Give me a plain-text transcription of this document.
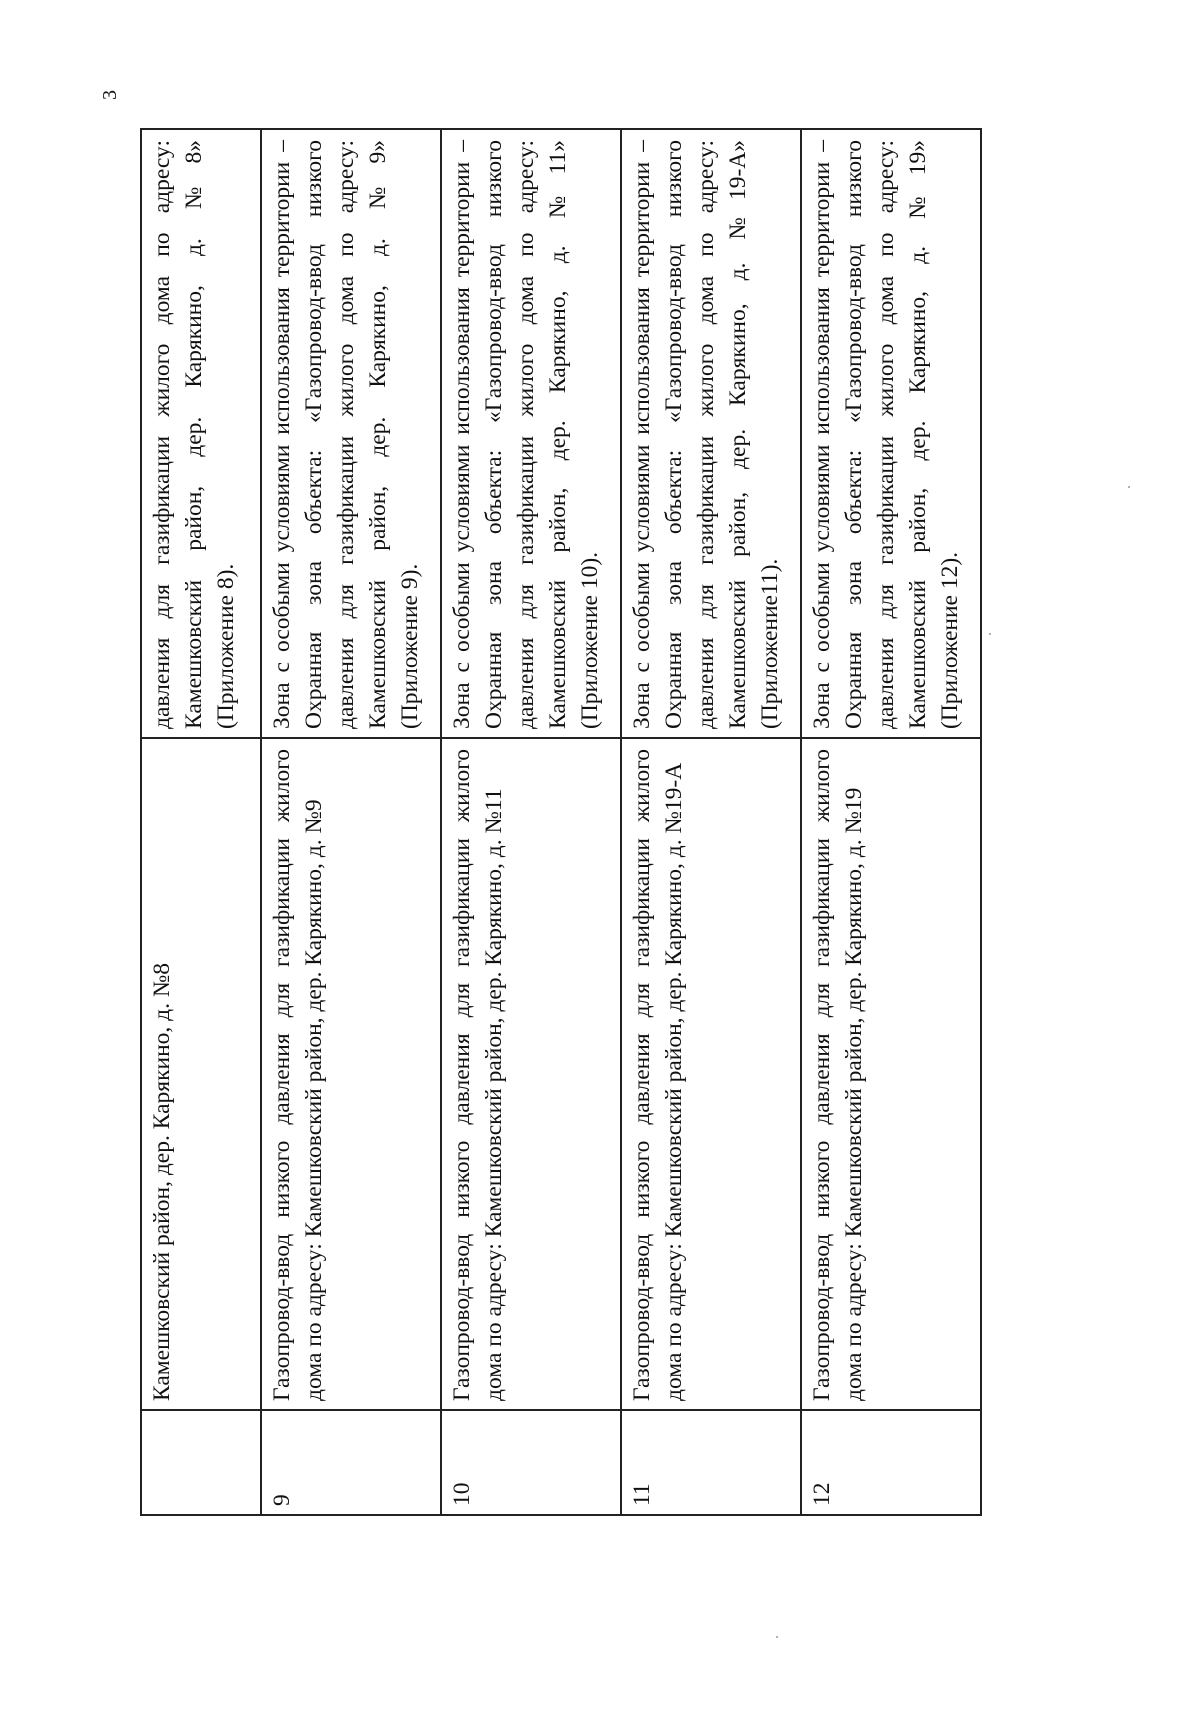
3
	Камешковский район, дер. Карякино, д. №8	давления для газификации жилого дома по адресу: Камешковский район, дер. Карякино, д. №8» (Приложение 8).
9	Газопровод-ввод низкого давления для газификации жилого дома по адресу: Камешковский район, дер. Карякино, д. №9	Зона с особыми условиями использования территории – Охранная зона объекта: «Газопровод-ввод низкого давления для газификации жилого дома по адресу: Камешковский район, дер. Карякино, д. №9» (Приложение 9).
10	Газопровод-ввод низкого давления для газификации жилого дома по адресу: Камешковский район, дер. Карякино, д. №11	Зона с особыми условиями использования территории – Охранная зона объекта: «Газопровод-ввод низкого давления для газификации жилого дома по адресу: Камешковский район, дер. Карякино, д. №11» (Приложение 10).
11	Газопровод-ввод низкого давления для газификации жилого дома по адресу: Камешковский район, дер. Карякино, д. №19-А	Зона с особыми условиями использования территории – Охранная зона объекта: «Газопровод-ввод низкого давления для газификации жилого дома по адресу: Камешковский район, дер. Карякино, д. №19-А» (Приложение11).
12	Газопровод-ввод низкого давления для газификации жилого дома по адресу: Камешковский район, дер. Карякино, д. №19	Зона с особыми условиями использования территории – Охранная зона объекта: «Газопровод-ввод низкого давления для газификации жилого дома по адресу: Камешковский район, дер. Карякино, д. №19» (Приложение 12).
